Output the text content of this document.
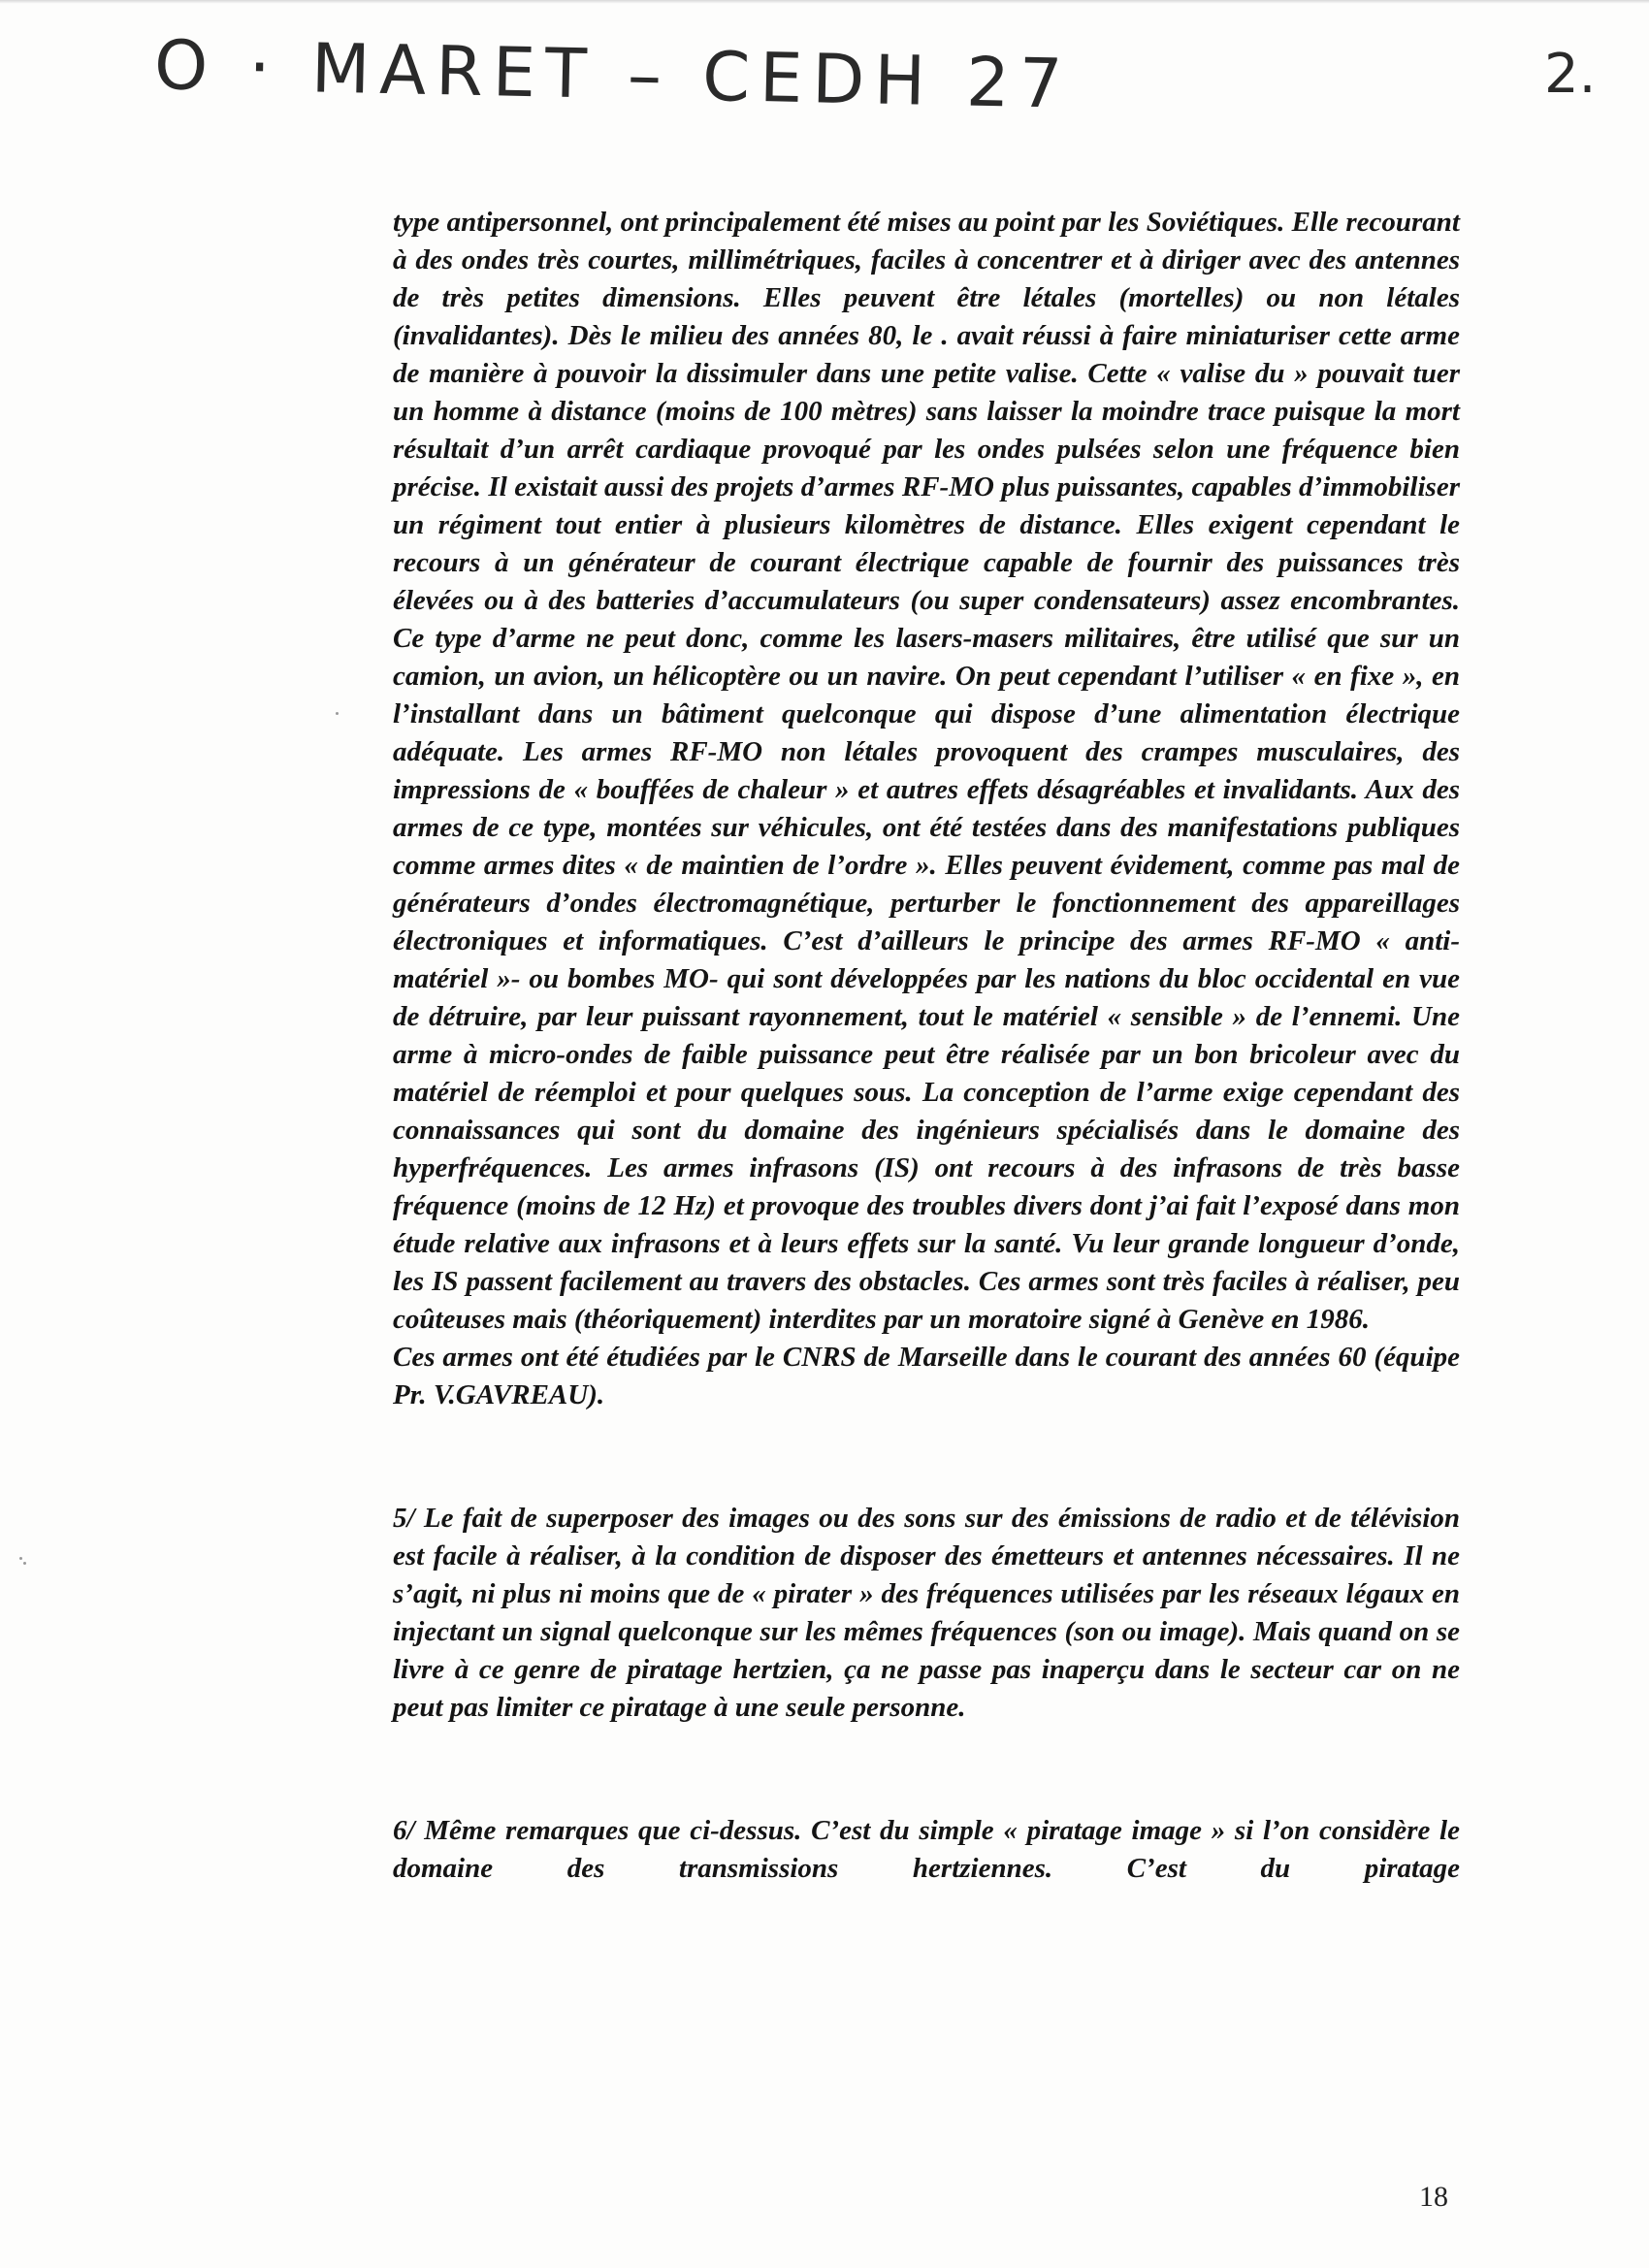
O · MARET – CEDH 27	2.

type antipersonnel, ont principalement été mises au point par les Soviétiques. Elle recourant à des ondes très courtes, millimétriques, faciles à concentrer et à diriger avec des antennes de très petites dimensions. Elles peuvent être létales (mortelles) ou non létales (invalidantes). Dès le milieu des années 80, le . avait réussi à faire miniaturiser cette arme de manière à pouvoir la dissimuler dans une petite valise. Cette « valise du » pouvait tuer un homme à distance (moins de 100 mètres) sans laisser la moindre trace puisque la mort résultait d’un arrêt cardiaque provoqué par les ondes pulsées selon une fréquence bien précise. Il existait aussi des projets d’armes RF-MO plus puissantes, capables d’immobiliser un régiment tout entier à plusieurs kilomètres de distance. Elles exigent cependant le recours à un générateur de courant électrique capable de fournir des puissances très élevées ou à des batteries d’accumulateurs (ou super condensateurs) assez encombrantes. Ce type d’arme ne peut donc, comme les lasers-masers militaires, être utilisé que sur un camion, un avion, un hélicoptère ou un navire. On peut cependant l’utiliser « en fixe », en l’installant dans un bâtiment quelconque qui dispose d’une alimentation électrique adéquate. Les armes RF-MO non létales provoquent des crampes musculaires, des impressions de « bouffées de chaleur » et autres effets désagréables et invalidants. Aux des armes de ce type, montées sur véhicules, ont été testées dans des manifestations publiques comme armes dites « de maintien de l’ordre ». Elles peuvent évidement, comme pas mal de générateurs d’ondes électromagnétique, perturber le fonctionnement des appareillages électroniques et informatiques. C’est d’ailleurs le principe des armes RF-MO « anti-matériel »- ou bombes MO- qui sont développées par les nations du bloc occidental en vue de détruire, par leur puissant rayonnement, tout le matériel « sensible » de l’ennemi. Une arme à micro-ondes de faible puissance peut être réalisée par un bon bricoleur avec du matériel de réemploi et pour quelques sous. La conception de l’arme exige cependant des connaissances qui sont du domaine des ingénieurs spécialisés dans le domaine des hyperfréquences. Les armes infrasons (IS) ont recours à des infrasons de très basse fréquence (moins de 12 Hz) et provoque des troubles divers dont j’ai fait l’exposé dans mon étude relative aux infrasons et à leurs effets sur la santé. Vu leur grande longueur d’onde, les IS passent facilement au travers des obstacles. Ces armes sont très faciles à réaliser, peu coûteuses mais (théoriquement) interdites par un moratoire signé à Genève en 1986.

Ces armes ont été étudiées par le CNRS de Marseille dans le courant des années 60 (équipe Pr. V.GAVREAU).

5/ Le fait de superposer des images ou des sons sur des émissions de radio et de télévision est facile à réaliser, à la condition de disposer des émetteurs et antennes nécessaires. Il ne s’agit, ni plus ni moins que de « pirater » des fréquences utilisées par les réseaux légaux en injectant un signal quelconque sur les mêmes fréquences (son ou image). Mais quand on se livre à ce genre de piratage hertzien, ça ne passe pas inaperçu dans le secteur car on ne peut pas limiter ce piratage à une seule personne.

6/ Même remarques que ci-dessus. C’est du simple « piratage image » si l’on considère le domaine des transmissions hertziennes. C’est du piratage

18
